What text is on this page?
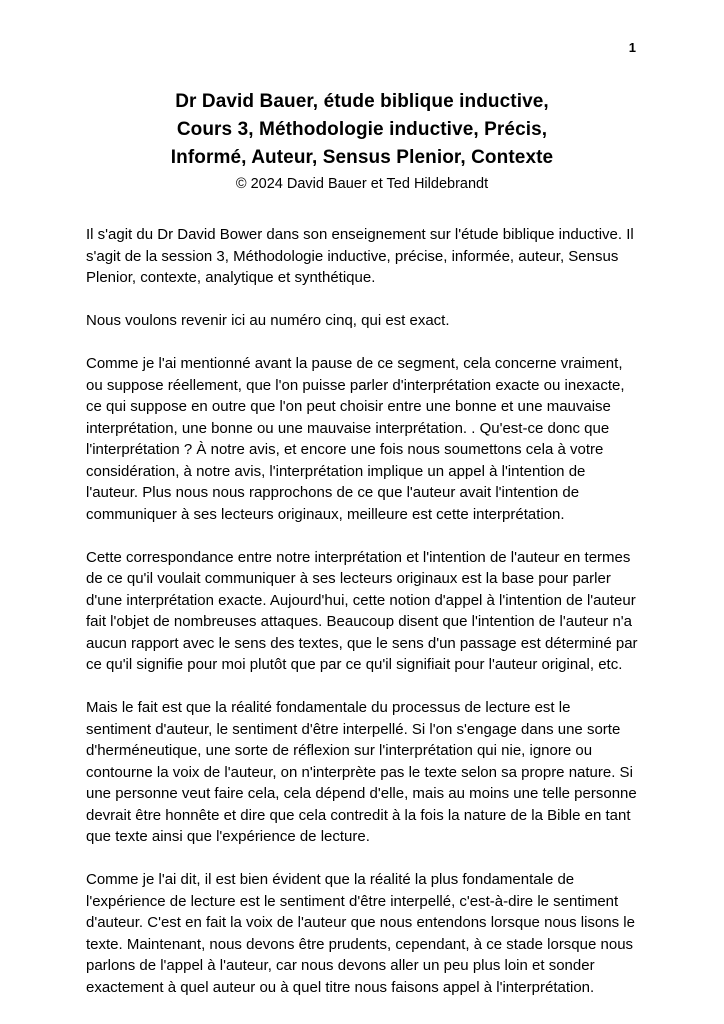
1
Dr David Bauer, étude biblique inductive,
Cours 3, Méthodologie inductive, Précis,
Informé, Auteur, Sensus Plenior, Contexte
© 2024 David Bauer et Ted Hildebrandt

Il s'agit du Dr David Bower dans son enseignement sur l'étude biblique inductive. Il s'agit de la session 3, Méthodologie inductive, précise, informée, auteur, Sensus Plenior, contexte, analytique et synthétique.

Nous voulons revenir ici au numéro cinq, qui est exact.

Comme je l'ai mentionné avant la pause de ce segment, cela concerne vraiment, ou suppose réellement, que l'on puisse parler d'interprétation exacte ou inexacte, ce qui suppose en outre que l'on peut choisir entre une bonne et une mauvaise interprétation, une bonne ou une mauvaise interprétation. . Qu'est-ce donc que l'interprétation ? À notre avis, et encore une fois nous soumettons cela à votre considération, à notre avis, l'interprétation implique un appel à l'intention de l'auteur. Plus nous nous rapprochons de ce que l'auteur avait l'intention de communiquer à ses lecteurs originaux, meilleure est cette interprétation.

Cette correspondance entre notre interprétation et l'intention de l'auteur en termes de ce qu'il voulait communiquer à ses lecteurs originaux est la base pour parler d'une interprétation exacte. Aujourd'hui, cette notion d'appel à l'intention de l'auteur fait l'objet de nombreuses attaques. Beaucoup disent que l'intention de l'auteur n'a aucun rapport avec le sens des textes, que le sens d'un passage est déterminé par ce qu'il signifie pour moi plutôt que par ce qu'il signifiait pour l'auteur original, etc.

Mais le fait est que la réalité fondamentale du processus de lecture est le sentiment d'auteur, le sentiment d'être interpellé. Si l'on s'engage dans une sorte d'herméneutique, une sorte de réflexion sur l'interprétation qui nie, ignore ou contourne la voix de l'auteur, on n'interprète pas le texte selon sa propre nature. Si une personne veut faire cela, cela dépend d'elle, mais au moins une telle personne devrait être honnête et dire que cela contredit à la fois la nature de la Bible en tant que texte ainsi que l'expérience de lecture.

Comme je l'ai dit, il est bien évident que la réalité la plus fondamentale de l'expérience de lecture est le sentiment d'être interpellé, c'est-à-dire le sentiment d'auteur. C'est en fait la voix de l'auteur que nous entendons lorsque nous lisons le texte. Maintenant, nous devons être prudents, cependant, à ce stade lorsque nous parlons de l'appel à l'auteur, car nous devons aller un peu plus loin et sonder exactement à quel auteur ou à quel titre nous faisons appel à l'interprétation.
